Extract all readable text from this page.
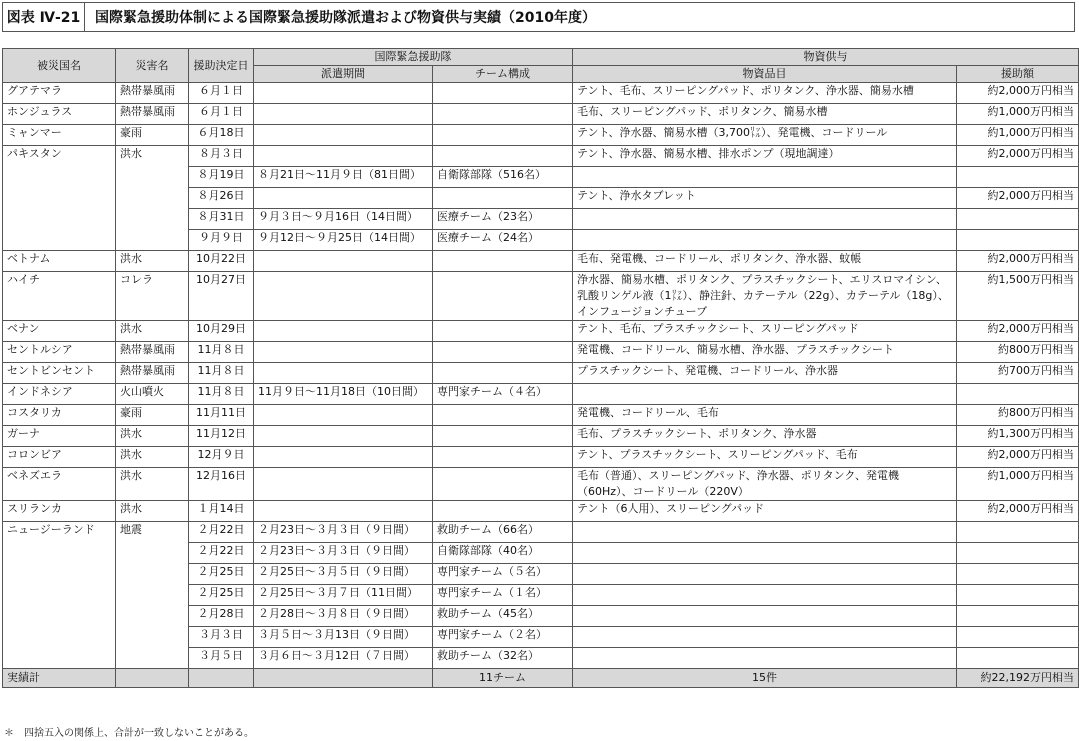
図表 Ⅳ-21	国際緊急援助体制による国際緊急援助隊派遣および物資供与実績（2010年度）
被災国名	災害名	援助決定日	国際緊急援助隊		物資供与	
			派遣期間	チーム構成	物資品目	援助額
グアテマラ	熱帯暴風雨	６月１日			テント、毛布、スリーピングパッド、ポリタンク、浄水器、簡易水槽	約2,000万円相当
ホンジュラス	熱帯暴風雨	６月１日			毛布、スリーピングパッド、ポリタンク、簡易水槽	約1,000万円相当
ミャンマー	豪雨	６月18日			テント、浄水器、簡易水槽（3,700㍑）、発電機、コードリール	約1,000万円相当
パキスタン	洪水	８月３日			テント、浄水器、簡易水槽、排水ポンプ（現地調達）	約2,000万円相当
		８月19日	８月21日～11月９日（81日間）	自衛隊部隊（516名）		
		８月26日			テント、浄水タブレット	約2,000万円相当
		８月31日	９月３日～９月16日（14日間）	医療チーム（23名）		
		９月９日	９月12日～９月25日（14日間）	医療チーム（24名）		
ベトナム	洪水	10月22日			毛布、発電機、コードリール、ポリタンク、浄水器、蚊帳	約2,000万円相当
ハイチ	コレラ	10月27日			浄水器、簡易水槽、ポリタンク、プラスチックシート、エリスロマイシン、乳酸リンゲル液（1㍑）、静注針、カテーテル（22g）、カテーテル（18g）、インフュージョンチューブ	約1,500万円相当
ベナン	洪水	10月29日			テント、毛布、プラスチックシート、スリーピングパッド	約2,000万円相当
セントルシア	熱帯暴風雨	11月８日			発電機、コードリール、簡易水槽、浄水器、プラスチックシート	約800万円相当
セントビンセント	熱帯暴風雨	11月８日			プラスチックシート、発電機、コードリール、浄水器	約700万円相当
インドネシア	火山噴火	11月８日	11月９日～11月18日（10日間）	専門家チーム（４名）		
コスタリカ	豪雨	11月11日			発電機、コードリール、毛布	約800万円相当
ガーナ	洪水	11月12日			毛布、プラスチックシート、ポリタンク、浄水器	約1,300万円相当
コロンビア	洪水	12月９日			テント、プラスチックシート、スリーピングパッド、毛布	約2,000万円相当
ベネズエラ	洪水	12月16日			毛布（普通）、スリーピングパッド、浄水器、ポリタンク、発電機（60Hz）、コードリール（220V）	約1,000万円相当
スリランカ	洪水	１月14日			テント（6人用）、スリーピングパッド	約2,000万円相当
ニュージーランド	地震	２月22日	２月23日～３月３日（９日間）	救助チーム（66名）		
		２月22日	２月23日～３月３日（９日間）	自衛隊部隊（40名）		
		２月25日	２月25日～３月５日（９日間）	専門家チーム（５名）		
		２月25日	２月25日～３月７日（11日間）	専門家チーム（１名）		
		２月28日	２月28日～３月８日（９日間）	救助チーム（45名）		
		３月３日	３月５日～３月13日（９日間）	専門家チーム（２名）		
		３月５日	３月６日～３月12日（７日間）	救助チーム（32名）		
実績計				11チーム	15件	約22,192万円相当
＊　四捨五入の関係上、合計が一致しないことがある。
